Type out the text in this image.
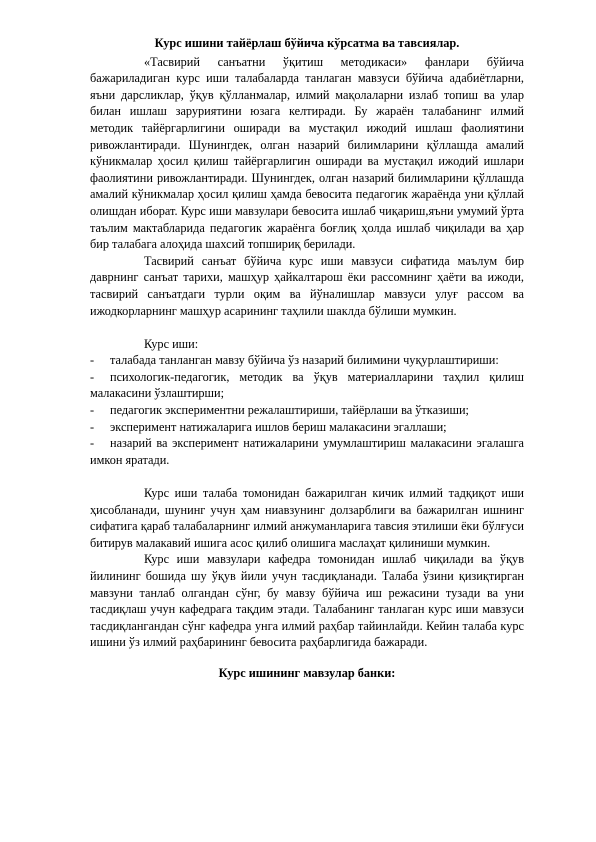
Курс ишини тайёрлаш бўйича кўрсатма ва тавсиялар.

«Тасвирий санъатни ўқитиш методикаси» фанлари бўйича бажариладиган курс иши талабаларда танлаган мавзуси бўйича адабиётларни, яъни дарсликлар, ўқув қўлланмалар, илмий мақолаларни излаб топиш ва улар билан ишлаш заруриятини юзага келтиради. Бу жараён талабанинг илмий методик тайёргарлигини оширади ва мустақил ижодий ишлаш фаолиятини ривожлантиради. Шунингдек, олган назарий билимларини қўллашда амалий кўникмалар ҳосил қилиш тайёргарлигин оширади ва мустақил ижодий ишлари фаолиятини ривожлантиради. Шунингдек, олган назарий билимларини қўллашда амалий кўникмалар ҳосил қилиш ҳамда бевосита педагогик жараёнда уни қўллай олишдан иборат. Курс иши мавзулари бевосита ишлаб чиқариш,яъни умумий ўрта таълим мактабларида педагогик жараёнга боғлиқ ҳолда ишлаб чиқилади ва ҳар бир талабага алоҳида шахсий топшириқ берилади.

Тасвирий санъат бўйича курс иши мавзуси сифатида маълум бир даврнинг санъат тарихи, машҳур ҳайкалтарош ёки рассомнинг ҳаёти ва ижоди, тасвирий санъатдаги турли оқим ва йўналишлар мавзуси улуғ рассом ва ижодкорларнинг машҳур асарининг таҳлили шаклда бўлиши мумкин.

Курс иши:

- талабада танланган мавзу бўйича ўз назарий билимини чуқурлаштириши:

- психологик-педагогик, методик ва ўқув материалларини таҳлил қилиш малакасини ўзлаштирши;

- педагогик экспериментни режалаштириши, тайёрлаши ва ўтказиши;

- эксперимент натижаларига ишлов бериш малакасини эгаллаши;

- назарий ва эксперимент натижаларини умумлаштириш малакасини эгалашга имкон яратади.

Курс иши талаба томонидан бажарилган кичик илмий тадқиқот иши ҳисобланади, шунинг учун ҳам ниавзунинг долзарблиги ва бажарилган ишнинг сифатига қараб талабаларнинг илмий анжуманларига тавсия этилиши ёки бўлғуси битирув малакавий ишига асос қилиб олишига маслаҳат қилиниши мумкин.

Курс иши мавзулари кафедра томонидан ишлаб чиқилади ва ўқув йилининг бошида шу ўқув йили учун тасдиқланади. Талаба ўзини қизиқтирган мавзуни танлаб олгандан сўнг, бу мавзу бўйича иш режасини тузади ва уни тасдиқлаш учун кафедрага тақдим этади. Талабанинг танлаган курс иши мавзуси тасдиқлангандан сўнг кафедра унга илмий раҳбар тайинлайди. Кейин талаба курс ишини ўз илмий раҳбарининг бевосита раҳбарлигида бажаради.

Курс ишининг мавзулар банки:
